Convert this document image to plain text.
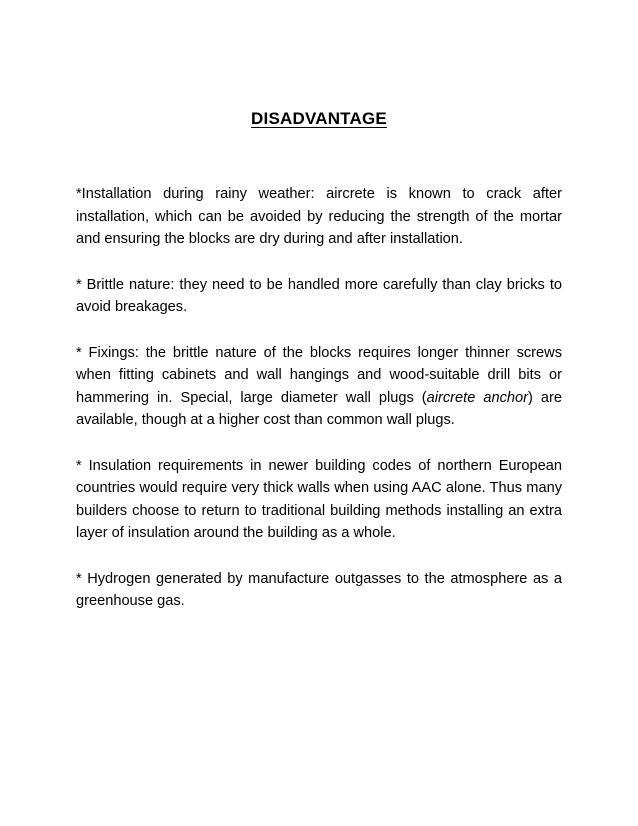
DISADVANTAGE

*Installation during rainy weather: aircrete is known to crack after installation, which can be avoided by reducing the strength of the mortar and ensuring the blocks are dry during and after installation.

* Brittle nature: they need to be handled more carefully than clay bricks to avoid breakages.

* Fixings: the brittle nature of the blocks requires longer thinner screws when fitting cabinets and wall hangings and wood-suitable drill bits or hammering in. Special, large diameter wall plugs (aircrete anchor) are available, though at a higher cost than common wall plugs.

* Insulation requirements in newer building codes of northern European countries would require very thick walls when using AAC alone. Thus many builders choose to return to traditional building methods installing an extra layer of insulation around the building as a whole.

* Hydrogen generated by manufacture outgasses to the atmosphere as a greenhouse gas.
